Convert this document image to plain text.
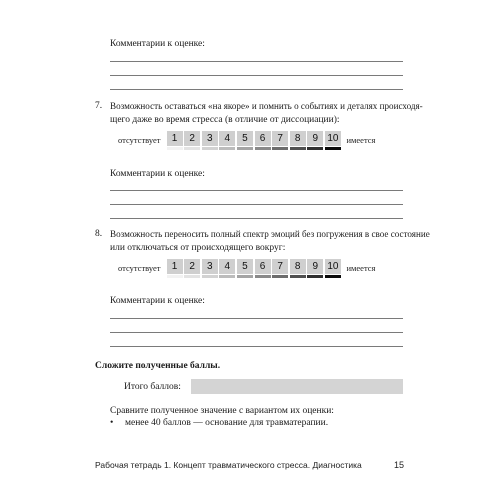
Комментарии к оценке:
7. Возможность оставаться «на якоре» и помнить о событиях и деталях происходя-
щего даже во время стресса (в отличие от диссоциации):
отсутствует	1	2	3	4	5	6	7	8	9 10 имеется
Комментарии к оценке:
8. Возможность переносить полный спектр эмоций без погружения в свое состояние
или отключаться от происходящего вокруг:
отсутствует	1	2	3	4	5	6	7	8	9 10 имеется
Комментарии к оценке:
Сложите полученные баллы.
Итого баллов:
Сравните полученное значение с вариантом их оценки:
• менее 40 баллов — основание для травматерапии.
Рабочая тетрадь 1. Концепт травматического стресса. Диагностика	15
